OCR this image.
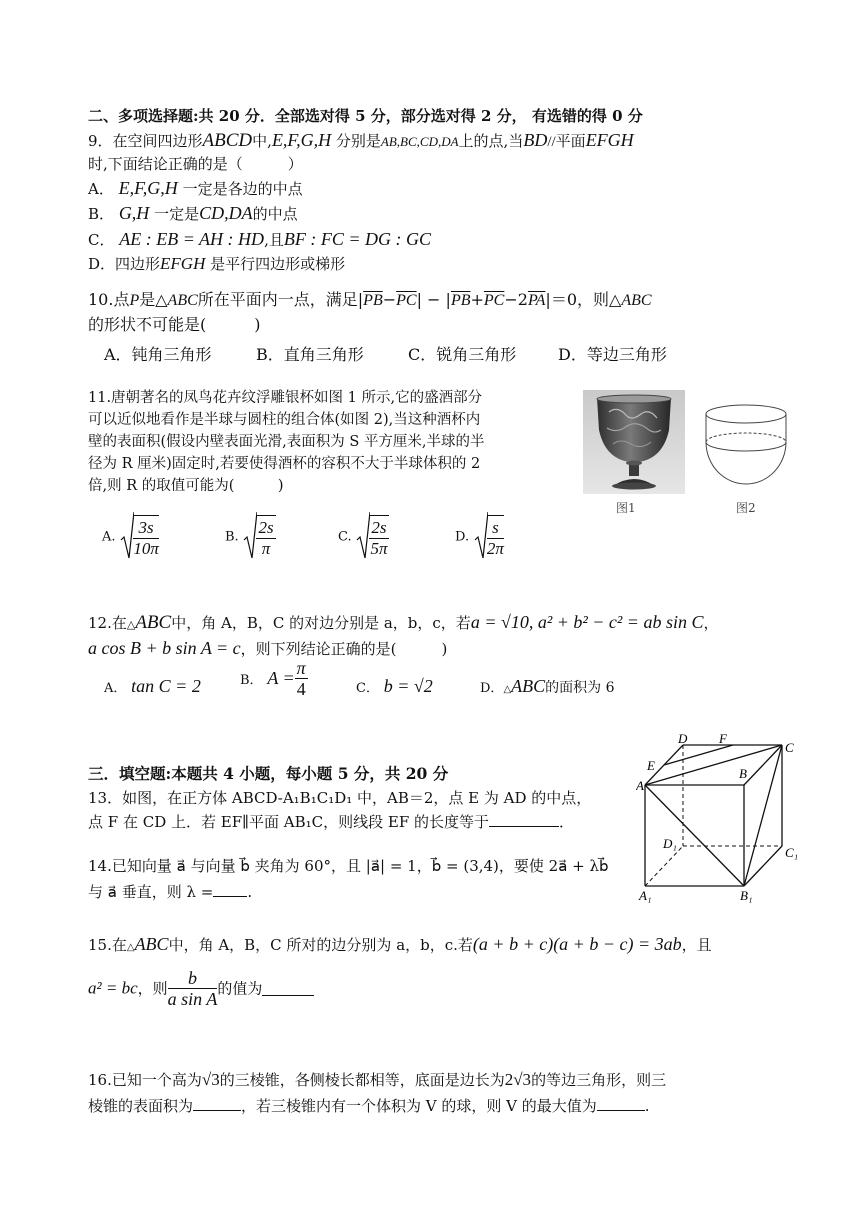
二、多项选择题:共 20 分．全部选对得 5 分，部分选对得 2 分， 有选错的得 0 分
9．在空间四边形ABCD中,E,F,G,H 分别是AB,BC,CD,DA上的点,当BD//平面EFGH
时,下面结论正确的是（　　　）
A． E,F,G,H 一定是各边的中点
B． G,H 一定是CD,DA的中点
C． AE : EB = AH : HD,且BF : FC = DG : GC
D．四边形EFGH 是平行四边形或梯形
10.点P是△ABC所在平面内一点，满足$|\overline{PB}-\overline{PC}| - |\overline{PB}+\overline{PC}-2\overline{PA}|=0$，则△ABC
的形状不可能是(　　　)
A．钝角三角形	B．直角三角形	C．锐角三角形	D．等边三角形
11.唐朝著名的凤鸟花卉纹浮雕银杯如图 1 所示,它的盛酒部分
可以近似地看作是半球与圆柱的组合体(如图 2),当这种酒杯内
壁的表面积(假设内壁表面光滑,表面积为 S 平方厘米,半球的半
径为 R 厘米)固定时,若要使得酒杯的容积不大于半球体积的 2
倍,则 R 的取值可能为(　　　)
图1	图2
A. $\frac{3s}{10\pi}$	B. $\frac{2s}{\pi}$	C. $\frac{2s}{5\pi}$	D. $\frac{s}{2\pi}$
12.在△ABC中，角 A，B，C 的对边分别是 a，b，c，若a = √10, a² + b² − c² = ab sin C，
a cos B + b sin A = c，则下列结论正确的是(　　　)
A． tan C = 2	B． $A = \frac{\pi}{4}$	C． b = √2	D．△ABC的面积为 6
三．填空题:本题共 4 小题，每小题 5 分，共 20 分
13．如图，在正方体 ABCD-A₁B₁C₁D₁ 中，AB＝2，点 E 为 AD 的中点，
点 F 在 CD 上．若 EF∥平面 AB₁C，则线段 EF 的长度等于	．
E
D F
C
A
B
D₁
C₁
A₁	B₁
14.已知向量 a⃗ 与向量 b⃗ 夹角为 60°，且 |a⃗| = 1，b⃗ = (3,4)，要使 2a⃗ + λb⃗
与 a⃗ 垂直，则 λ = .
15.在△ABC中，角 A，B，C 所对的边分别为 a，b，c.若(a + b + c)(a + b − c) = 3ab，且
a² = bc，则 $\frac{b}{\text{a sin A}}$ 的值为
16.已知一个高为√3的三棱锥，各侧棱长都相等，底面是边长为2√3的等边三角形，则三
棱锥的表面积为	，若三棱锥内有一个体积为 V 的球，则 V 的最大值为	.
